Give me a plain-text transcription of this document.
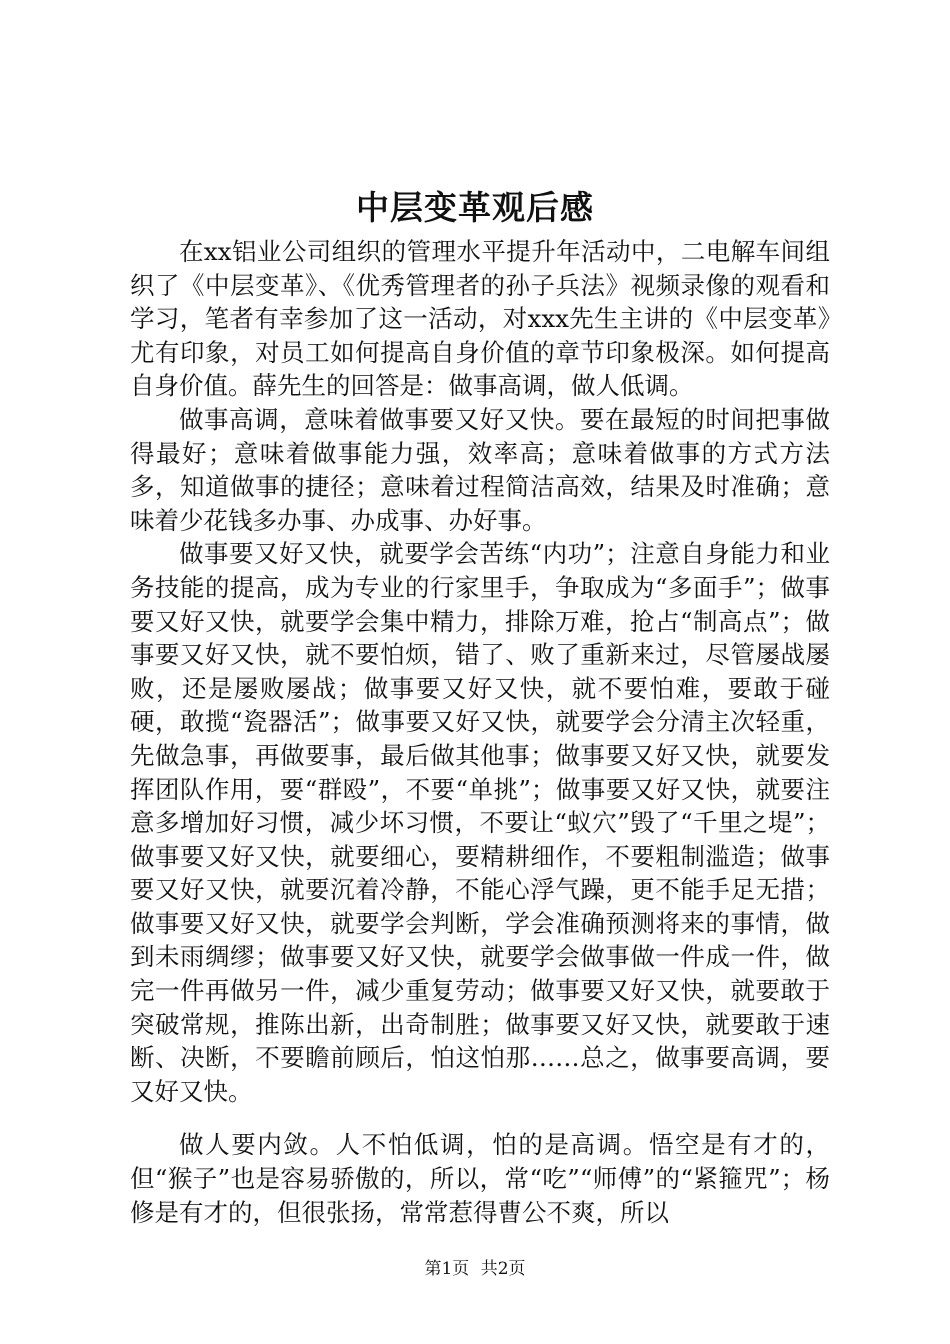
中层变革观后感

在xx铝业公司组织的管理水平提升年活动中，二电解车间组织了《中层变革》、《优秀管理者的孙子兵法》视频录像的观看和学习，笔者有幸参加了这一活动，对xxx先生主讲的《中层变革》尤有印象，对员工如何提高自身价值的章节印象极深。如何提高自身价值。薛先生的回答是：做事高调，做人低调。

做事高调，意味着做事要又好又快。要在最短的时间把事做得最好；意味着做事能力强，效率高；意味着做事的方式方法多，知道做事的捷径；意味着过程简洁高效，结果及时准确；意味着少花钱多办事、办成事、办好事。

做事要又好又快，就要学会苦练“内功”；注意自身能力和业务技能的提高，成为专业的行家里手，争取成为“多面手”；做事要又好又快，就要学会集中精力，排除万难，抢占“制高点”；做事要又好又快，就不要怕烦，错了、败了重新来过，尽管屡战屡败，还是屡败屡战；做事要又好又快，就不要怕难，要敢于碰硬，敢揽“瓷器活”；做事要又好又快，就要学会分清主次轻重，先做急事，再做要事，最后做其他事；做事要又好又快，就要发挥团队作用，要“群殴”，不要“单挑”；做事要又好又快，就要注意多增加好习惯，减少坏习惯，不要让“蚁穴”毁了“千里之堤”；做事要又好又快，就要细心，要精耕细作，不要粗制滥造；做事要又好又快，就要沉着冷静，不能心浮气躁，更不能手足无措；做事要又好又快，就要学会判断，学会准确预测将来的事情，做到未雨绸缪；做事要又好又快，就要学会做事做一件成一件，做完一件再做另一件，减少重复劳动；做事要又好又快，就要敢于突破常规，推陈出新，出奇制胜；做事要又好又快，就要敢于速断、决断，不要瞻前顾后，怕这怕那……总之，做事要高调，要又好又快。

做人要内敛。人不怕低调，怕的是高调。悟空是有才的，但“猴子”也是容易骄傲的，所以，常“吃”“师傅”的“紧箍咒”；杨修是有才的，但很张扬，常常惹得曹公不爽，所以

第1页 共2页
